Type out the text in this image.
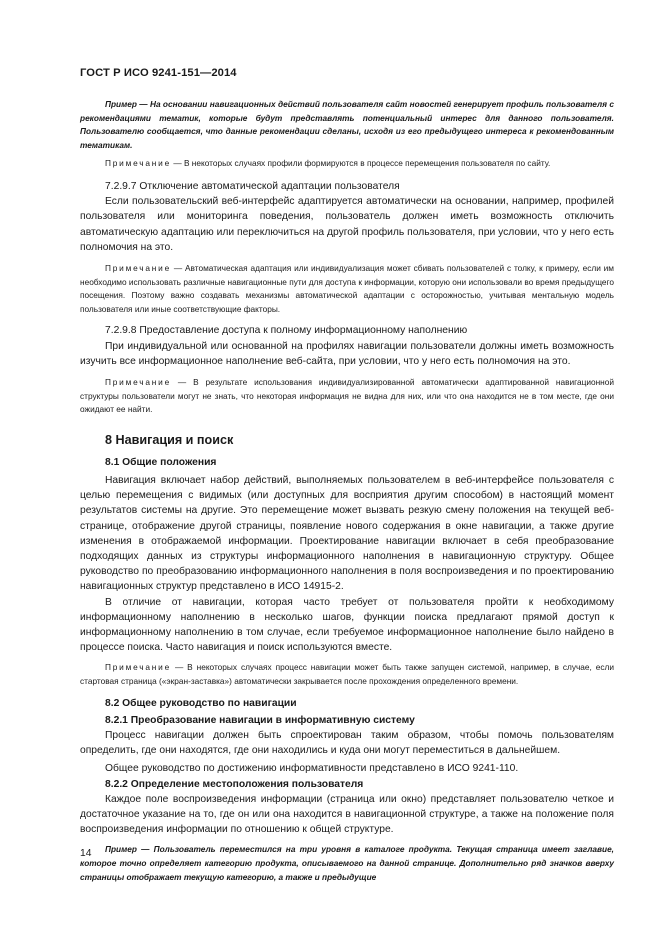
ГОСТ Р ИСО 9241-151—2014

Пример — На основании навигационных действий пользователя сайт новостей генерирует профиль пользователя с рекомендациями тематик, которые будут представлять потенциальный интерес для данного пользователя. Пользователю сообщается, что данные рекомендации сделаны, исходя из его предыдущего интереса к рекомендованным тематикам.

Примечание — В некоторых случаях профили формируются в процессе перемещения пользователя по сайту.

7.2.9.7 Отключение автоматической адаптации пользователя

Если пользовательский веб-интерфейс адаптируется автоматически на основании, например, профилей пользователя или мониторинга поведения, пользователь должен иметь возможность отключить автоматическую адаптацию или переключиться на другой профиль пользователя, при условии, что у него есть полномочия на это.

Примечание — Автоматическая адаптация или индивидуализация может сбивать пользователей с толку, к примеру, если им необходимо использовать различные навигационные пути для доступа к информации, которую они использовали во время предыдущего посещения. Поэтому важно создавать механизмы автоматической адаптации с осторожностью, учитывая ментальную модель пользователя или иные соответствующие факторы.

7.2.9.8 Предоставление доступа к полному информационному наполнению

При индивидуальной или основанной на профилях навигации пользователи должны иметь возможность изучить все информационное наполнение веб-сайта, при условии, что у него есть полномочия на это.

Примечание — В результате использования индивидуализированной автоматически адаптированной навигационной структуры пользователи могут не знать, что некоторая информация не видна для них, или что она находится не в том месте, где они ожидают ее найти.

8 Навигация и поиск

8.1 Общие положения

Навигация включает набор действий, выполняемых пользователем в веб-интерфейсе пользователя с целью перемещения с видимых (или доступных для восприятия другим способом) в настоящий момент результатов системы на другие. Это перемещение может вызвать резкую смену положения на текущей веб-странице, отображение другой страницы, появление нового содержания в окне навигации, а также другие изменения в отображаемой информации. Проектирование навигации включает в себя преобразование подходящих данных из структуры информационного наполнения в навигационную структуру. Общее руководство по преобразованию информационного наполнения в поля воспроизведения и по проектированию навигационных структур представлено в ИСО 14915-2.

В отличие от навигации, которая часто требует от пользователя пройти к необходимому информационному наполнению в несколько шагов, функции поиска предлагают прямой доступ к информационному наполнению в том случае, если требуемое информационное наполнение было найдено в процессе поиска. Часто навигация и поиск используются вместе.

Примечание — В некоторых случаях процесс навигации может быть также запущен системой, например, в случае, если стартовая страница («экран-заставка») автоматически закрывается после прохождения определенного времени.

8.2 Общее руководство по навигации

8.2.1 Преобразование навигации в информативную систему

Процесс навигации должен быть спроектирован таким образом, чтобы помочь пользователям определить, где они находятся, где они находились и куда они могут переместиться в дальнейшем.

Общее руководство по достижению информативности представлено в ИСО 9241-110.

8.2.2 Определение местоположения пользователя

Каждое поле воспроизведения информации (страница или окно) представляет пользователю четкое и достаточное указание на то, где он или она находится в навигационной структуре, а также на положение поля воспроизведения информации по отношению к общей структуре.

Пример — Пользователь переместился на три уровня в каталоге продукта. Текущая страница имеет заглавие, которое точно определяет категорию продукта, описываемого на данной странице. Дополнительно ряд значков вверху страницы отображает текущую категорию, а также и предыдущие

14
